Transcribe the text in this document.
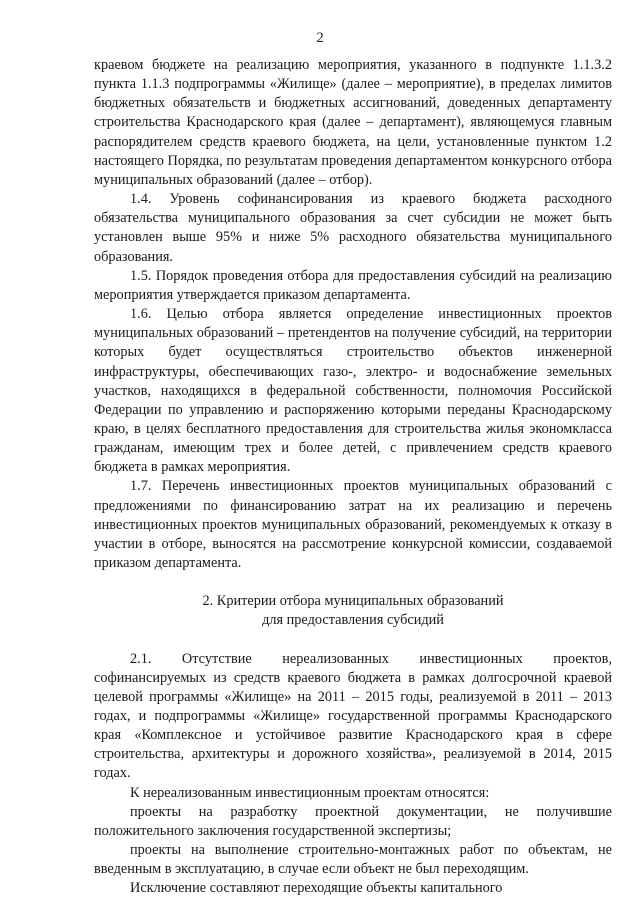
2

краевом бюджете на реализацию мероприятия, указанного в подпункте 1.1.3.2 пункта 1.1.3 подпрограммы «Жилище» (далее – мероприятие), в пределах лимитов бюджетных обязательств и бюджетных ассигнований, доведенных департаменту строительства Краснодарского края (далее – департамент), являющемуся главным распорядителем средств краевого бюджета, на цели, установленные пунктом 1.2 настоящего Порядка, по результатам проведения департаментом конкурсного отбора муниципальных образований (далее – отбор).

1.4. Уровень софинансирования из краевого бюджета расходного обязательства муниципального образования за счет субсидии не может быть установлен выше 95% и ниже 5% расходного обязательства муниципального образования.

1.5. Порядок проведения отбора для предоставления субсидий на реализацию мероприятия утверждается приказом департамента.

1.6. Целью отбора является определение инвестиционных проектов муниципальных образований – претендентов на получение субсидий, на территории которых будет осуществляться строительство объектов инженерной инфраструктуры, обеспечивающих газо-, электро- и водоснабжение земельных участков, находящихся в федеральной собственности, полномочия Российской Федерации по управлению и распоряжению которыми переданы Краснодарскому краю, в целях бесплатного предоставления для строительства жилья экономкласса гражданам, имеющим трех и более детей, с привлечением средств краевого бюджета в рамках мероприятия.

1.7. Перечень инвестиционных проектов муниципальных образований с предложениями по финансированию затрат на их реализацию и перечень инвестиционных проектов муниципальных образований, рекомендуемых к отказу в участии в отборе, выносятся на рассмотрение конкурсной комиссии, создаваемой приказом департамента.

2. Критерии отбора муниципальных образований

для предоставления субсидий

2.1. Отсутствие нереализованных инвестиционных проектов, софинансируемых из средств краевого бюджета в рамках долгосрочной краевой целевой программы «Жилище» на 2011 – 2015 годы, реализуемой в 2011 – 2013 годах, и подпрограммы «Жилище» государственной программы Краснодарского края «Комплексное и устойчивое развитие Краснодарского края в сфере строительства, архитектуры и дорожного хозяйства», реализуемой в 2014, 2015 годах.

К нереализованным инвестиционным проектам относятся:

проекты на разработку проектной документации, не получившие положительного заключения государственной экспертизы;

проекты на выполнение строительно-монтажных работ по объектам, не введенным в эксплуатацию, в случае если объект не был переходящим.

Исключение составляют переходящие объекты капитального
